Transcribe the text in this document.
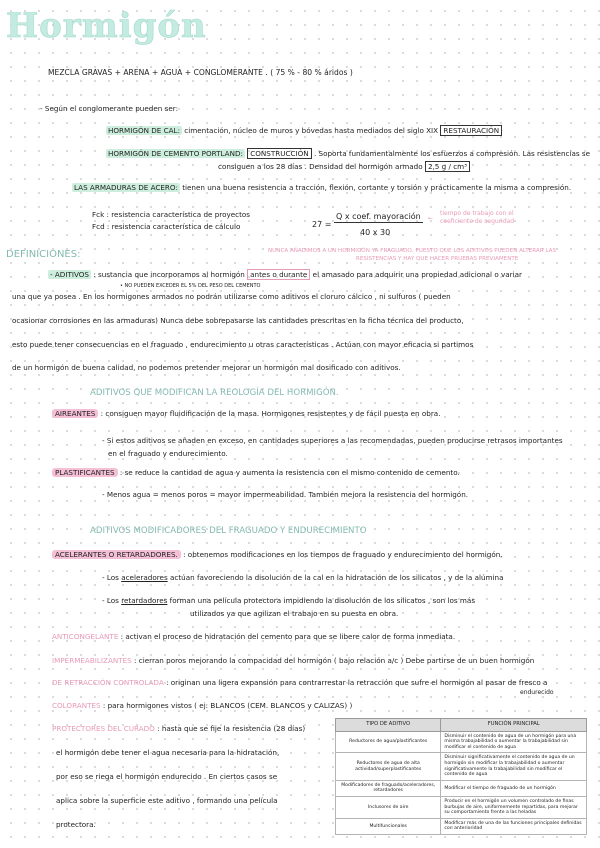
Hormigón
MEZCLA GRAVAS + ARENA + AGUA + CONGLOMERANTE . ( 75 % - 80 % áridos )
- Según el conglomerante pueden ser:
HORMIGÓN DE CAL: cimentación, núcleo de muros y bóvedas hasta mediados del siglo XIX RESTAURACIÓN
HORMIGÓN DE CEMENTO PORTLAND: CONSTRUCCIÓN . Soporta fundamentalmente los esfuerzos a compresión. Las resistencias se
consiguen a los 28 días . Densidad del hormigón armado 2,5 g / cm³
LAS ARMADURAS DE ACERO: tienen una buena resistencia a tracción, flexión, cortante y torsión y prácticamente la misma a compresión.
Fck : resistencia característica de proyectos
Fcd : resistencia característica de cálculo	27 =
Q x coef. mayoración
40 x 30
←
tiempo de trabajo con el
coeficiente de seguridad
DEFINICIONES:	NUNCA AÑADIMOS A UN HORMIGÓN YA FRAGUADO, PUESTO QUE LOS ADITIVOS PUEDEN ALTERAR LAS
RESISTENCIAS Y HAY QUE HACER PRUEBAS PREVIAMENTE
- ADITIVOS : sustancia que incorporamos al hormigón antes o durante el amasado para adquirir una propiedad adicional o variar
• NO PUEDEN EXCEDER EL 5% DEL PESO DEL CEMENTO
una que ya posea . En los hormigones armados no podrán utilizarse como aditivos el cloruro cálcico , ni sulfuros ( pueden
ocasionar corrosiones en las armaduras) Nunca debe sobrepasarse las cantidades prescritas en la ficha técnica del producto,
esto puede tener consecuencias en el fraguado , endurecimiento u otras características . Actúan con mayor eficacia si partimos
de un hormigón de buena calidad, no podemos pretender mejorar un hormigón mal dosificado con aditivos.
ADITIVOS QUE MODIFICAN LA REOLOGÍA DEL HORMIGÓN.
AIREANTES : consiguen mayor fluidificación de la masa. Hormigones resistentes y de fácil puesta en obra.
- Si estos aditivos se añaden en exceso, en cantidades superiores a las recomendadas, pueden producirse retrasos importantes
en el fraguado y endurecimiento.
PLASTIFICANTES : se reduce la cantidad de agua y aumenta la resistencia con el mismo contenido de cemento.
- Menos agua = menos poros = mayor impermeabilidad. También mejora la resistencia del hormigón.
ADITIVOS MODIFICADORES DEL FRAGUADO Y ENDURECIMIENTO
ACELERANTES O RETARDADORES. : obtenemos modificaciones en los tiempos de fraguado y endurecimiento del hormigón.
- Los aceleradores actúan favoreciendo la disolución de la cal en la hidratación de los silicatos , y de la alúmina
- Los retardadores forman una película protectora impidiendo la disolución de los silicatos , son los más
utilizados ya que agilizan el trabajo en su puesta en obra.
ANTICONGELANTE : activan el proceso de hidratación del cemento para que se libere calor de forma inmediata.
IMPERMEABILIZANTES : cierran poros mejorando la compacidad del hormigón ( bajo relación a/c ) Debe partirse de un buen hormigón
DE RETRACCIÓN CONTROLADA : originan una ligera expansión para contrarrestar la retracción que sufre el hormigón al pasar de fresco a
endurecido
COLORANTES : para hormigones vistos ( ej: BLANCOS (CEM. BLANCOS y CALIZAS) )
PROTECTORES DEL CURADO : hasta que se fije la resistencia (28 días)
el hormigón debe tener el agua necesaria para la hidratación,
por eso se riega el hormigón endurecido . En ciertos casos se
aplica sobre la superficie este aditivo , formando una película
protectora.
TIPO DE ADITIVO	FUNCIÓN PRINCIPAL
Reductores de agua/plastificantes	Disminuir el contenido de agua de un hormigón para una misma trabajabilidad o aumentar la trabajabilidad sin modificar el contenido de agua
Reductores de agua de alta actividad/superplastificantes	Disminuir significativamente el contenido de agua de un hormigón sin modificar la trabajabilidad o aumentar significativamente la trabajabilidad sin modificar el contenido de agua
Modificadores de fraguado/aceleradores, retardadores	Modificar el tiempo de fraguado de un hormigón
Inclusores de aire	Producir en el hormigón un volumen controlado de finas burbujas de aire, uniformemente repartidas, para mejorar su comportamiento frente a las heladas
Multifuncionales	Modificar más de una de las funciones principales definidas con anterioridad
